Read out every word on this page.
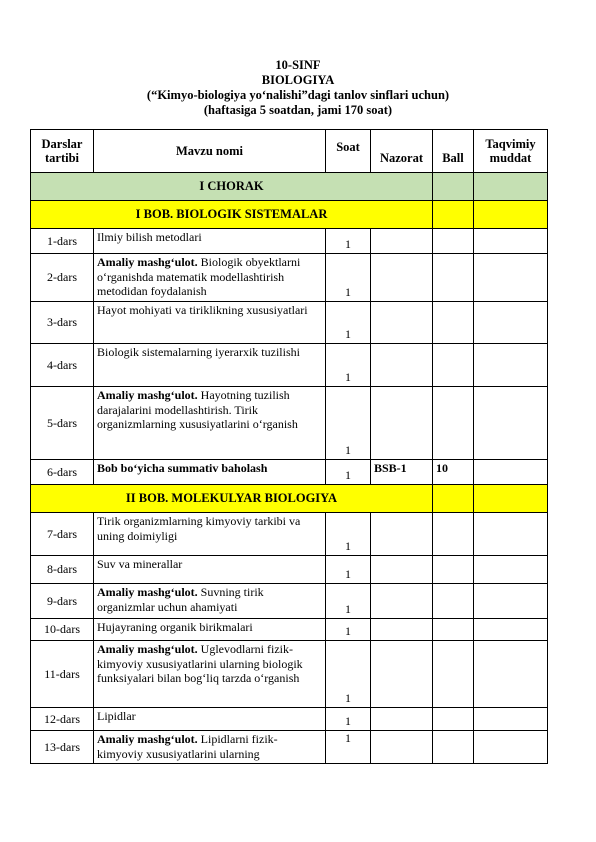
10-SINF
BIOLOGIYA
(“Kimyo-biologiya yo‘nalishi”dagi tanlov sinflari uchun)
(haftasiga 5 soatdan, jami 170 soat)
Darslar tartibi	Mavzu nomi	Soat	Nazorat	Ball	Taqvimiy muddat
I CHORAK					
I BOB. BIOLOGIK SISTEMALAR					
1-dars	Ilmiy bilish metodlari	1			
2-dars	Amaliy mashg‘ulot. Biologik obyektlarni o‘rganishda matematik modellashtirish metodidan foydalanish	1			
3-dars	Hayot mohiyati va tiriklikning xususiyatlari	1			
4-dars	Biologik sistemalarning iyerarxik tuzilishi	1			
5-dars	Amaliy mashg‘ulot. Hayotning tuzilish darajalarini modellashtirish. Tirik organizmlarning xususiyatlarini o‘rganish	1			
6-dars	Bob bo‘yicha summativ baholash	1	BSB-1	10	
II BOB. MOLEKULYAR BIOLOGIYA					
7-dars	Tirik organizmlarning kimyoviy tarkibi va uning doimiyligi	1			
8-dars	Suv va minerallar	1			
9-dars	Amaliy mashg‘ulot. Suvning tirik organizmlar uchun ahamiyati	1			
10-dars	Hujayraning organik birikmalari	1			
11-dars	Amaliy mashg‘ulot. Uglevodlarni fizik-kimyoviy xususiyatlarini ularning biologik funksiyalari bilan bog‘liq tarzda o‘rganish	1			
12-dars	Lipidlar	1			
13-dars	Amaliy mashg‘ulot. Lipidlarni fizik-kimyoviy xususiyatlarini ularning	1			
